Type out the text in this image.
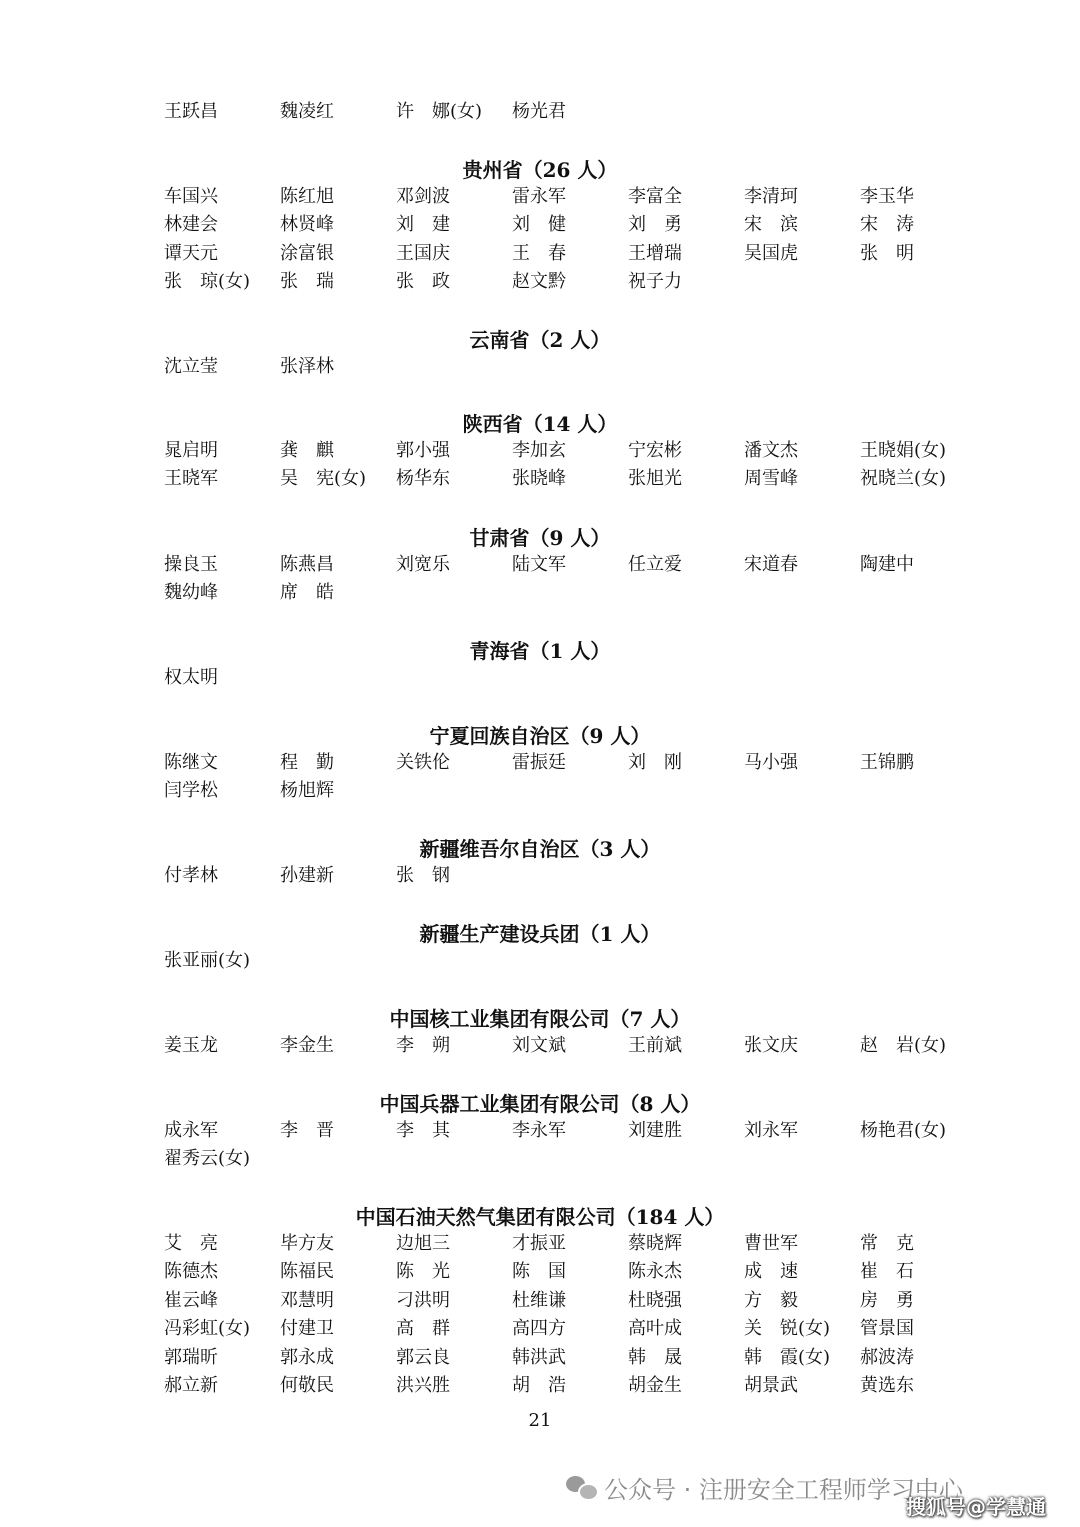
王跃昌	魏凌红	许　娜(女) 杨光君
贵州省（26 人）
车国兴	陈红旭	邓剑波	雷永军	李富全	李清珂	李玉华
林建会	林贤峰	刘　建	刘　健	刘　勇	宋　滨	宋　涛
谭天元	涂富银	王国庆	王　春	王增瑞	吴国虎	张　明
张　琼(女) 张　瑞	张　政	赵文黔	祝子力
云南省（2 人）
沈立莹	张泽林
陕西省（14 人）
晁启明	龚　麒	郭小强	李加玄	宁宏彬	潘文杰	王晓娟(女)
王晓军	吴　宪(女) 杨华东	张晓峰	张旭光	周雪峰	祝晓兰(女)
甘肃省（9 人）
操良玉	陈燕昌	刘宽乐	陆文军	任立爱	宋道春	陶建中
魏幼峰	席　皓
青海省（1 人）
权太明
宁夏回族自治区（9 人）
陈继文	程　勤	关铁伦	雷振廷	刘　刚	马小强	王锦鹏
闫学松	杨旭辉
新疆维吾尔自治区（3 人）
付孝林	孙建新	张　钢
新疆生产建设兵团（1 人）
张亚丽(女)
中国核工业集团有限公司（7 人）
姜玉龙	李金生	李　朔	刘文斌	王前斌	张文庆	赵　岩(女)
中国兵器工业集团有限公司（8 人）
成永军	李　晋	李　其	李永军	刘建胜	刘永军	杨艳君(女)
翟秀云(女)
中国石油天然气集团有限公司（184 人）
艾　亮	毕方友	边旭三	才振亚	蔡晓辉	曹世军	常　克
陈德杰	陈福民	陈　光	陈　国	陈永杰	成　速	崔　石
崔云峰	邓慧明	刁洪明	杜维谦	杜晓强	方　毅	房　勇
冯彩虹(女) 付建卫	高　群	高四方	高叶成	关　锐(女) 管景国
郭瑞昕	郭永成	郭云良	韩洪武	韩　晟	韩　霞(女) 郝波涛
郝立新	何敬民	洪兴胜	胡　浩	胡金生	胡景武	黄选东
21
公众号 · 注册安全工程师学习中心
搜狐号@学慧通
